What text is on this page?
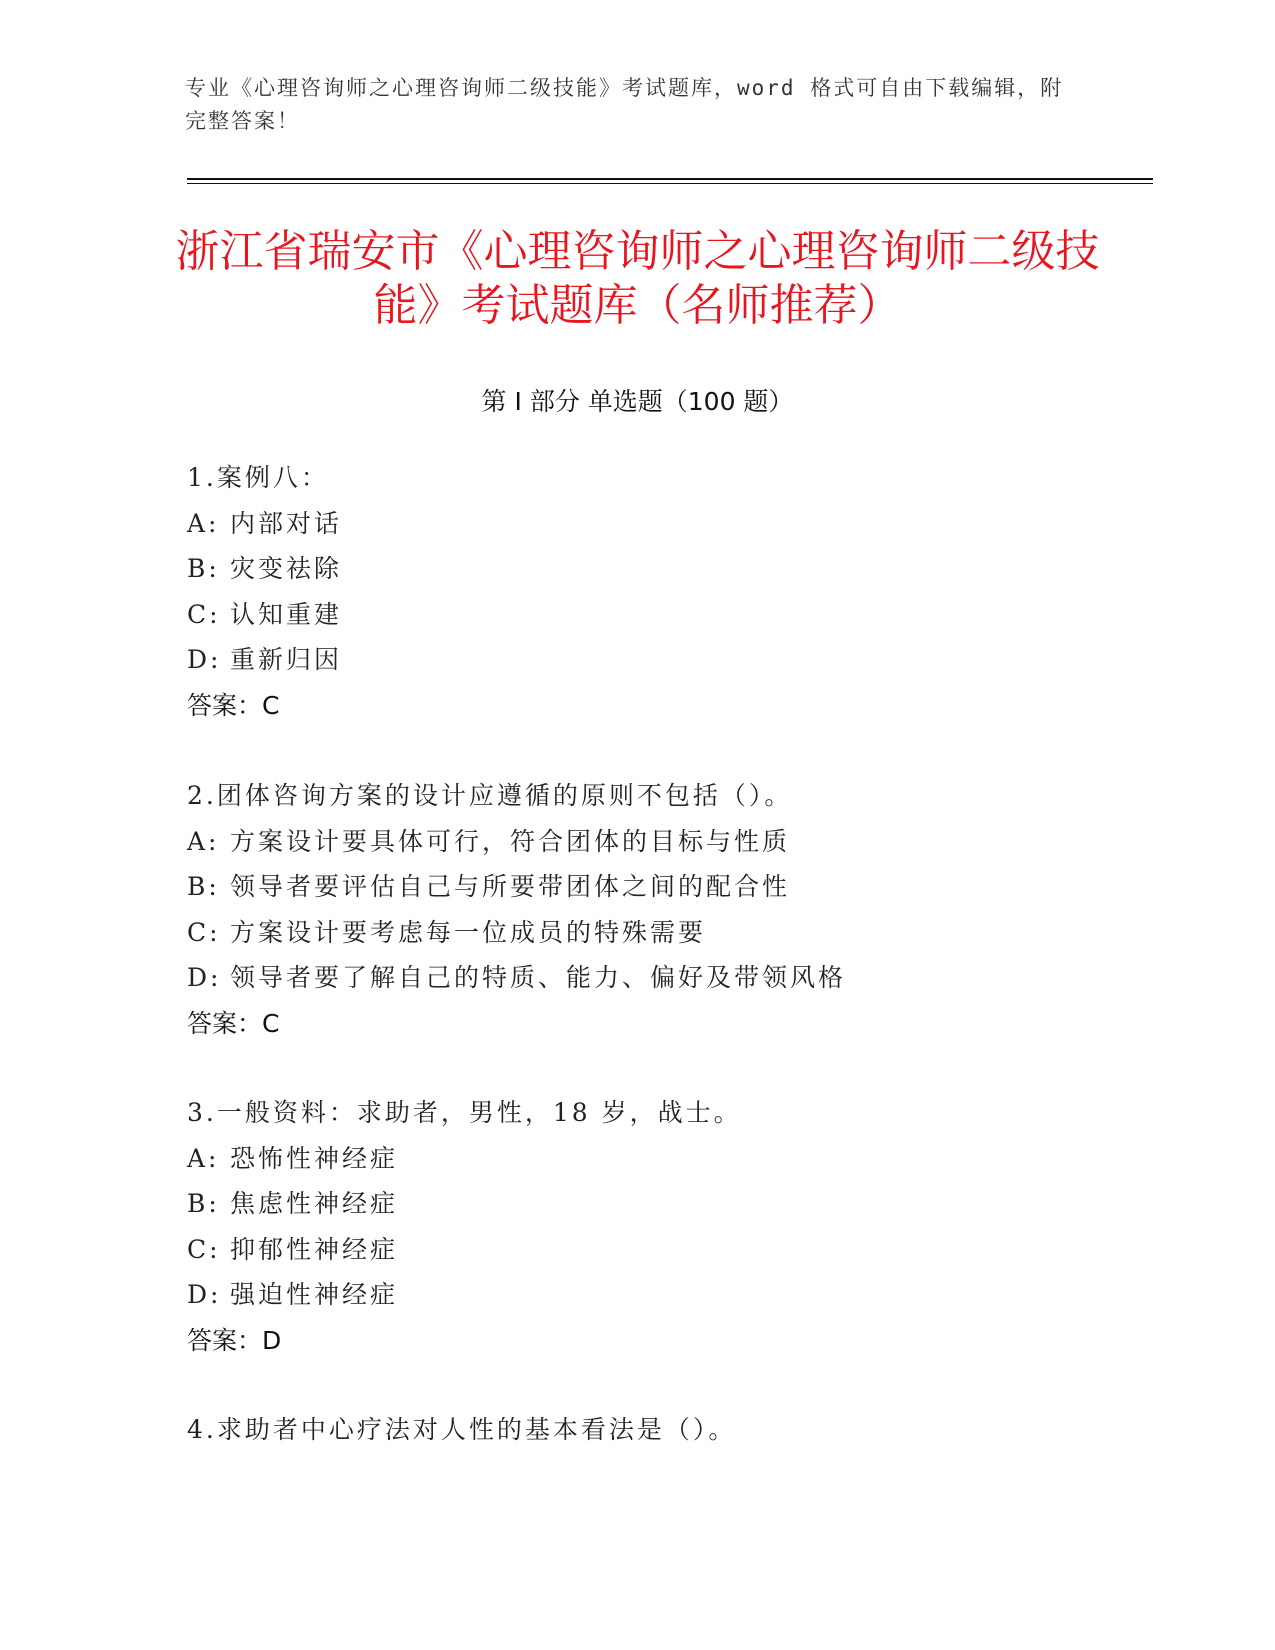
专业《心理咨询师之心理咨询师二级技能》考试题库，word 格式可自由下载编辑，附完整答案！
浙江省瑞安市《心理咨询师之心理咨询师二级技能》考试题库（名师推荐）
第 I 部分 单选题（100 题）
1.案例八：
A: 内部对话
B: 灾变祛除
C: 认知重建
D: 重新归因
答案：C
2.团体咨询方案的设计应遵循的原则不包括（）。
A: 方案设计要具体可行，符合团体的目标与性质
B: 领导者要评估自己与所要带团体之间的配合性
C: 方案设计要考虑每一位成员的特殊需要
D: 领导者要了解自己的特质、能力、偏好及带领风格
答案：C
3.一般资料：求助者，男性，18 岁，战士。
A: 恐怖性神经症
B: 焦虑性神经症
C: 抑郁性神经症
D: 强迫性神经症
答案：D
4.求助者中心疗法对人性的基本看法是（）。
